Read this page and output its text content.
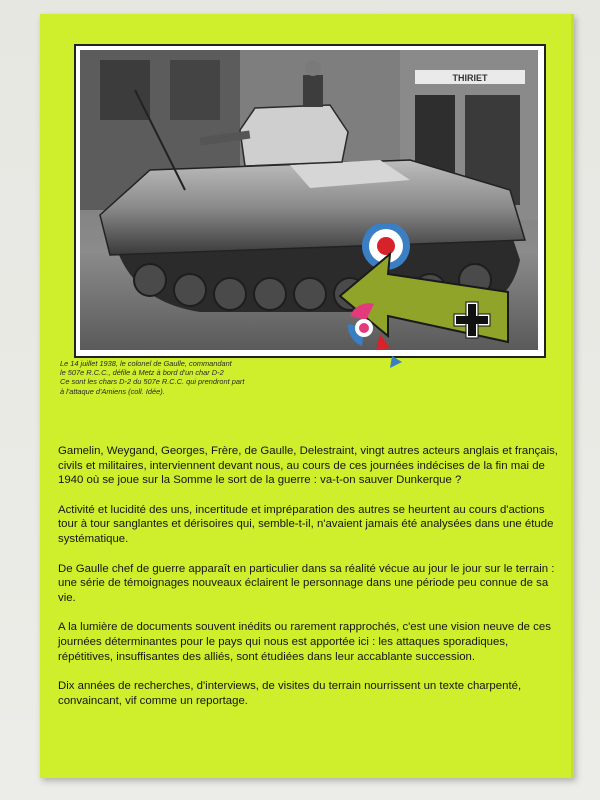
THIRIET
Le 14 juillet 1938, le colonel de Gaulle, commandant
le 507e R.C.C., défile à Metz à bord d'un char D-2
Ce sont les chars D-2 du 507e R.C.C. qui prendront part
à l'attaque d'Amiens (coll. Idée).

Gamelin, Weygand, Georges, Frère, de Gaulle, Delestraint, vingt autres acteurs anglais et français, civils et militaires, interviennent devant nous, au cours de ces journées indécises de la fin mai de 1940 où se joue sur la Somme le sort de la guerre : va-t-on sauver Dunkerque ?

Activité et lucidité des uns, incertitude et impréparation des autres se heurtent au cours d'actions tour à tour sanglantes et dérisoires qui, semble-t-il, n'avaient jamais été analysées dans une étude systématique.

De Gaulle chef de guerre apparaît en particulier dans sa réalité vécue au jour le jour sur le terrain : une série de témoignages nouveaux éclairent le personnage dans une période peu connue de sa vie.

A la lumière de documents souvent inédits ou rarement rapprochés, c'est une vision neuve de ces journées déterminantes pour le pays qui nous est apportée ici : les attaques sporadiques, répétitives, insuffisantes des alliés, sont étudiées dans leur accablante succession.

Dix années de recherches, d'interviews, de visites du terrain nourrissent un texte charpenté, convaincant, vif comme un reportage.
